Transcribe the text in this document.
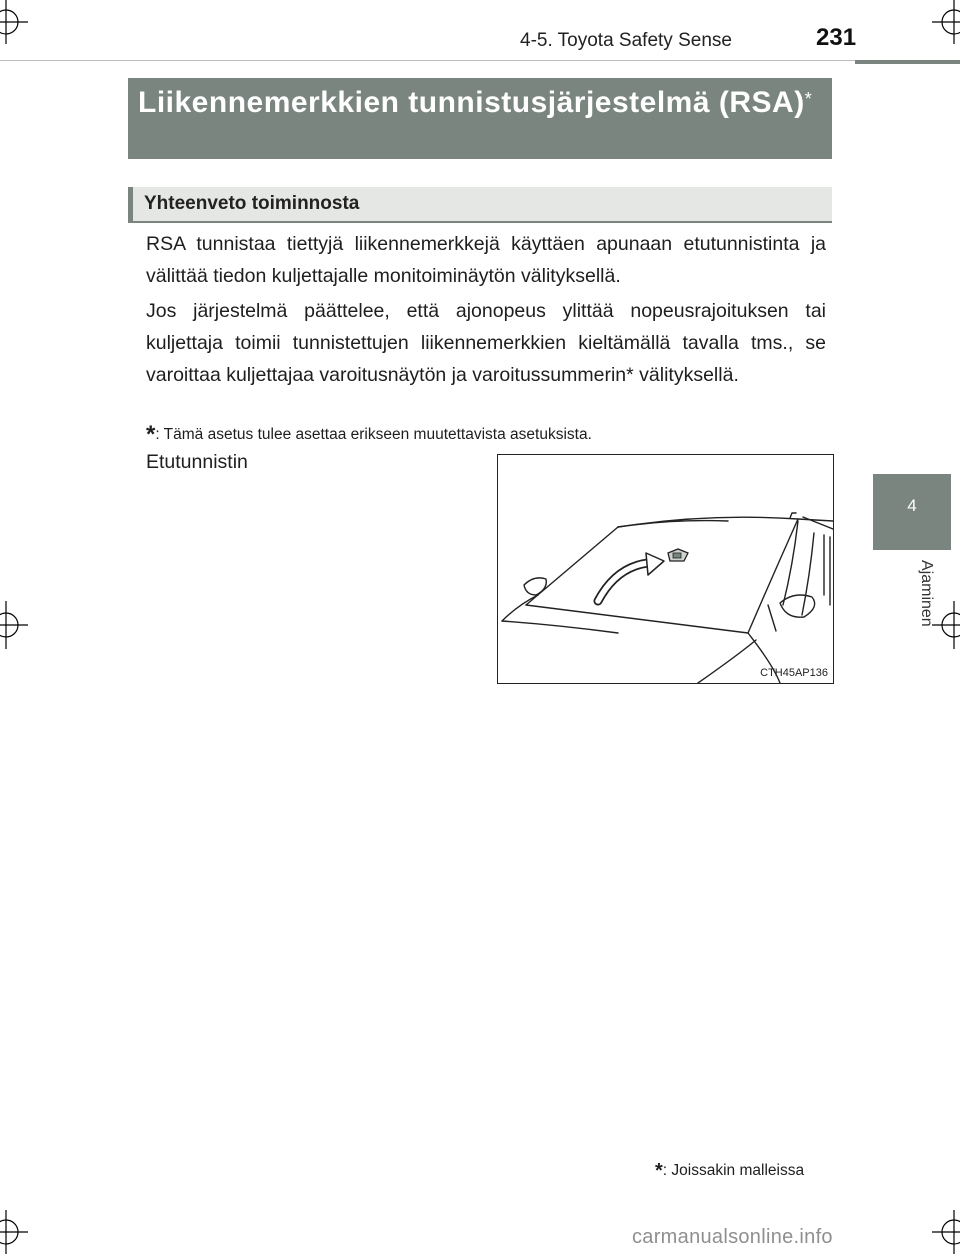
4-5. Toyota Safety Sense	231
Liikennemerkkien tunnistusjärjestelmä (RSA)*
Yhteenveto toiminnosta
RSA tunnistaa tiettyjä liikennemerkkejä käyttäen apunaan etutunnistinta ja välittää tiedon kuljettajalle monitoiminäytön välityksellä.
Jos järjestelmä päättelee, että ajonopeus ylittää nopeusrajoituksen tai kuljettaja toimii tunnistettujen liikennemerkkien kieltämällä tavalla tms., se varoittaa kuljettajaa varoitusnäytön ja varoitussummerin* välityksellä.
*: Tämä asetus tulee asettaa erikseen muutettavista asetuksista.
Etutunnistin
CTH45AP136
4
Ajaminen
*: Joissakin malleissa
carmanualsonline.info
